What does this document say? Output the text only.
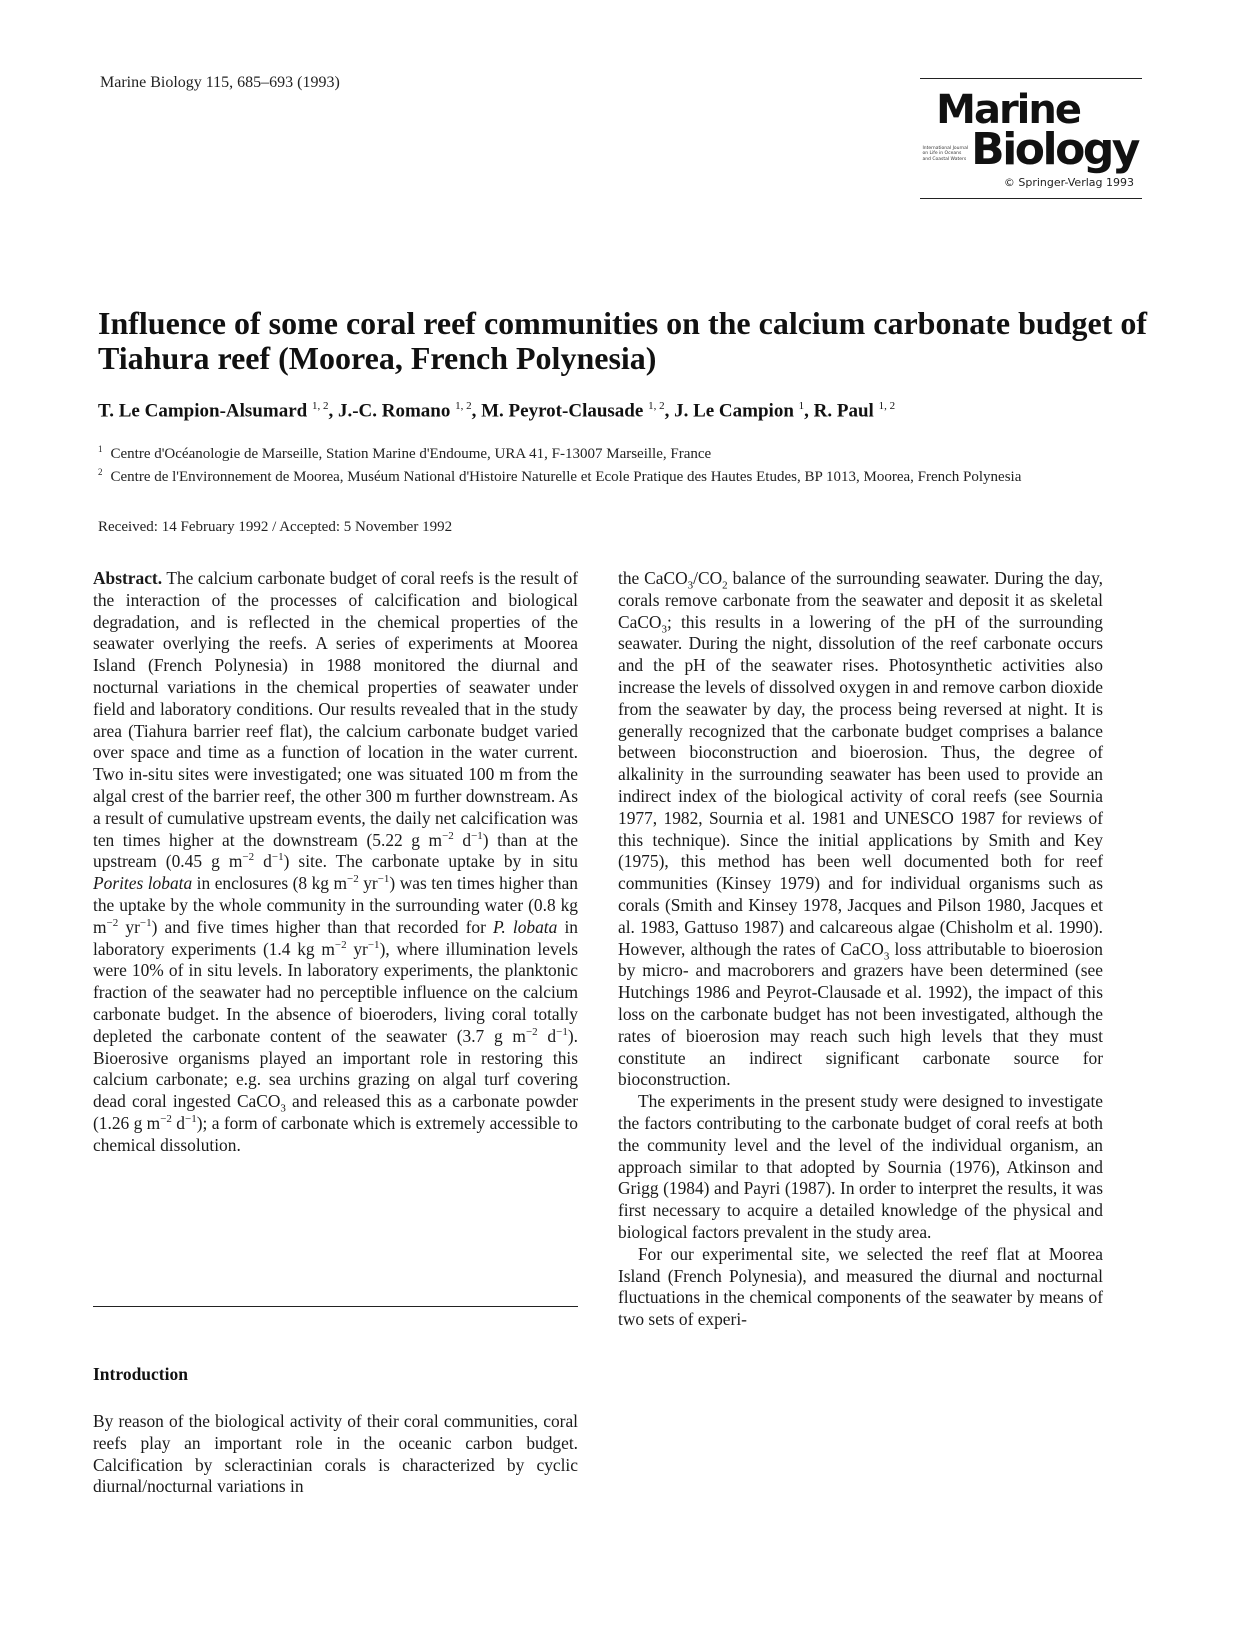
Marine Biology 115, 685–693 (1993)
Marine
International Journal
on Life in Oceans
and Coastal Waters Biology
© Springer-Verlag 1993
Influence of some coral reef communities on the calcium carbonate budget of Tiahura reef (Moorea, French Polynesia)
T. Le Campion-Alsumard $^{1, 2}$, J.-C. Romano $^{1, 2}$, M. Peyrot-Clausade $^{1, 2}$, J. Le Campion $^1$, R. Paul $^{1, 2}$
$^1$ Centre d'Océanologie de Marseille, Station Marine d'Endoume, URA 41, F-13007 Marseille, France
$^2$ Centre de l'Environnement de Moorea, Muséum National d'Histoire Naturelle et Ecole Pratique des Hautes Etudes, BP 1013, Moorea, French Polynesia
Received: 14 February 1992 / Accepted: 5 November 1992

Abstract. The calcium carbonate budget of coral reefs is the result of the interaction of the processes of calcification and biological degradation, and is reflected in the chemical properties of the seawater overlying the reefs. A series of experiments at Moorea Island (French Polynesia) in 1988 monitored the diurnal and nocturnal variations in the chemical properties of seawater under field and laboratory conditions. Our results revealed that in the study area (Tiahura barrier reef flat), the calcium carbonate budget varied over space and time as a function of location in the water current. Two in-situ sites were investigated; one was situated 100 m from the algal crest of the barrier reef, the other 300 m further downstream. As a result of cumulative upstream events, the daily net calcification was ten times higher at the downstream (5.22 g $m^{-2}$ $d^{-1}$) than at the upstream (0.45 g $m^{-2}$ $d^{-1}$) site. The carbonate uptake by in situ Porites lobata in enclosures (8 kg $m^{-2}$ $yr^{-1}$) was ten times higher than the uptake by the whole community in the surrounding water (0.8 kg $m^{-2}$ $yr^{-1}$) and five times higher than that recorded for P. lobata in laboratory experiments (1.4 kg $m^{-2}$ $yr^{-1}$), where illumination levels were 10% of in situ levels. In laboratory experiments, the planktonic fraction of the seawater had no perceptible influence on the calcium carbonate budget. In the absence of bioeroders, living coral totally depleted the carbonate content of the seawater (3.7 g $m^{-2}$ $d^{-1}$). Bioerosive organisms played an important role in restoring this calcium carbonate; e.g. sea urchins grazing on algal turf covering dead coral ingested CaCO$_3$ and released this as a carbonate powder (1.26 g $m^{-2}$ $d^{-1}$); a form of carbonate which is extremely accessible to chemical dissolution.

Introduction

By reason of the biological activity of their coral communities, coral reefs play an important role in the oceanic carbon budget. Calcification by scleractinian corals is characterized by cyclic diurnal/nocturnal variations in

the $CaCO_3/CO_2$ balance of the surrounding seawater. During the day, corals remove carbonate from the seawater and deposit it as skeletal CaCO$_3$; this results in a lowering of the pH of the surrounding seawater. During the night, dissolution of the reef carbonate occurs and the pH of the seawater rises. Photosynthetic activities also increase the levels of dissolved oxygen in and remove carbon dioxide from the seawater by day, the process being reversed at night. It is generally recognized that the carbonate budget comprises a balance between bioconstruction and bioerosion. Thus, the degree of alkalinity in the surrounding seawater has been used to provide an indirect index of the biological activity of coral reefs (see Sournia 1977, 1982, Sournia et al. 1981 and UNESCO 1987 for reviews of this technique). Since the initial applications by Smith and Key (1975), this method has been well documented both for reef communities (Kinsey 1979) and for individual organisms such as corals (Smith and Kinsey 1978, Jacques and Pilson 1980, Jacques et al. 1983, Gattuso 1987) and calcareous algae (Chisholm et al. 1990). However, although the rates of CaCO$_3$ loss attributable to bioerosion by micro- and macroborers and grazers have been determined (see Hutchings 1986 and Peyrot-Clausade et al. 1992), the impact of this loss on the carbonate budget has not been investigated, although the rates of bioerosion may reach such high levels that they must constitute an indirect significant carbonate source for bioconstruction.

The experiments in the present study were designed to investigate the factors contributing to the carbonate budget of coral reefs at both the community level and the level of the individual organism, an approach similar to that adopted by Sournia (1976), Atkinson and Grigg (1984) and Payri (1987). In order to interpret the results, it was first necessary to acquire a detailed knowledge of the physical and biological factors prevalent in the study area.

For our experimental site, we selected the reef flat at Moorea Island (French Polynesia), and measured the diurnal and nocturnal fluctuations in the chemical components of the seawater by means of two sets of experi-
